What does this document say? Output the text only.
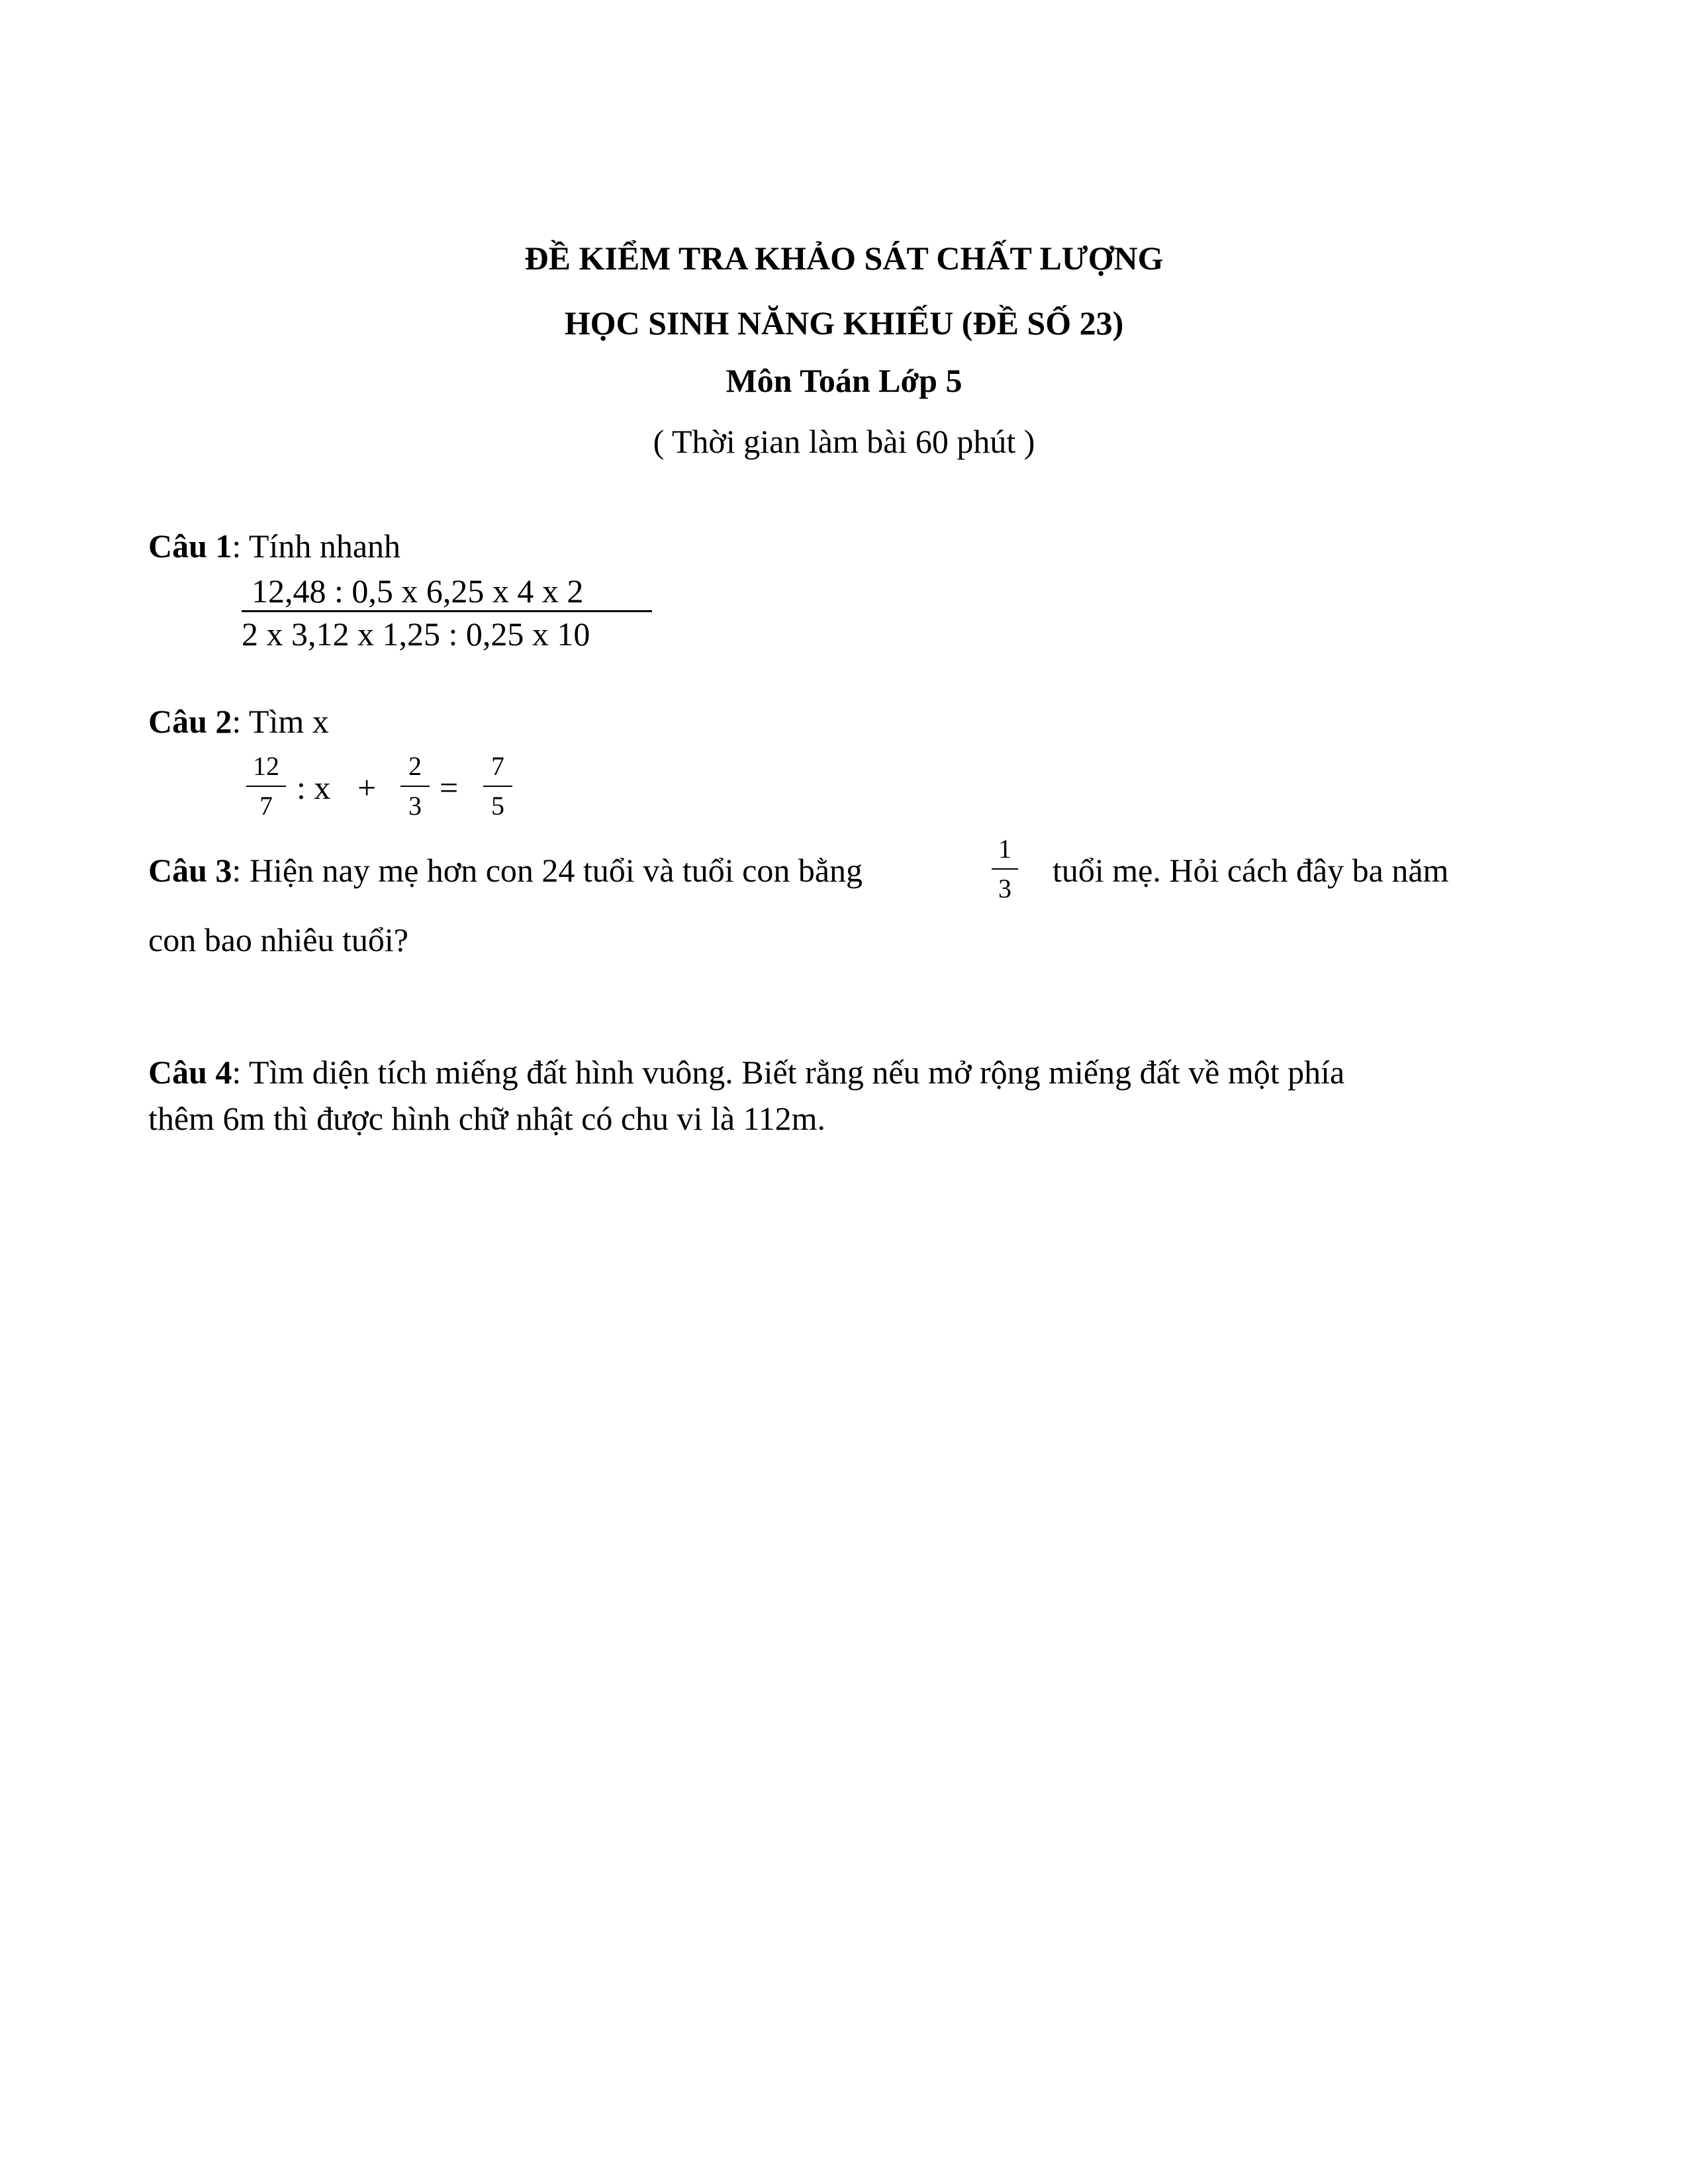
ĐỀ KIỂM TRA KHẢO SÁT CHẤT LƯỢNG
HỌC SINH NĂNG KHIẾU (ĐỀ SỐ 23)
Môn Toán Lớp 5
( Thời gian làm bài 60 phút )
Câu 1: Tính nhanh
12,48 : 0,5 x 6,25 x 4 x 2
2 x 3,12 x 1,25 : 0,25 x 10
Câu 2: Tìm x
12
7 : x +
2
3 =
7
5
Câu 3: Hiện nay mẹ hơn con 24 tuổi và tuổi con bằng
1
3 tuổi mẹ. Hỏi cách đây ba năm
con bao nhiêu tuổi?
Câu 4: Tìm diện tích miếng đất hình vuông. Biết rằng nếu mở rộng miếng đất về một phía
thêm 6m thì được hình chữ nhật có chu vi là 112m.
